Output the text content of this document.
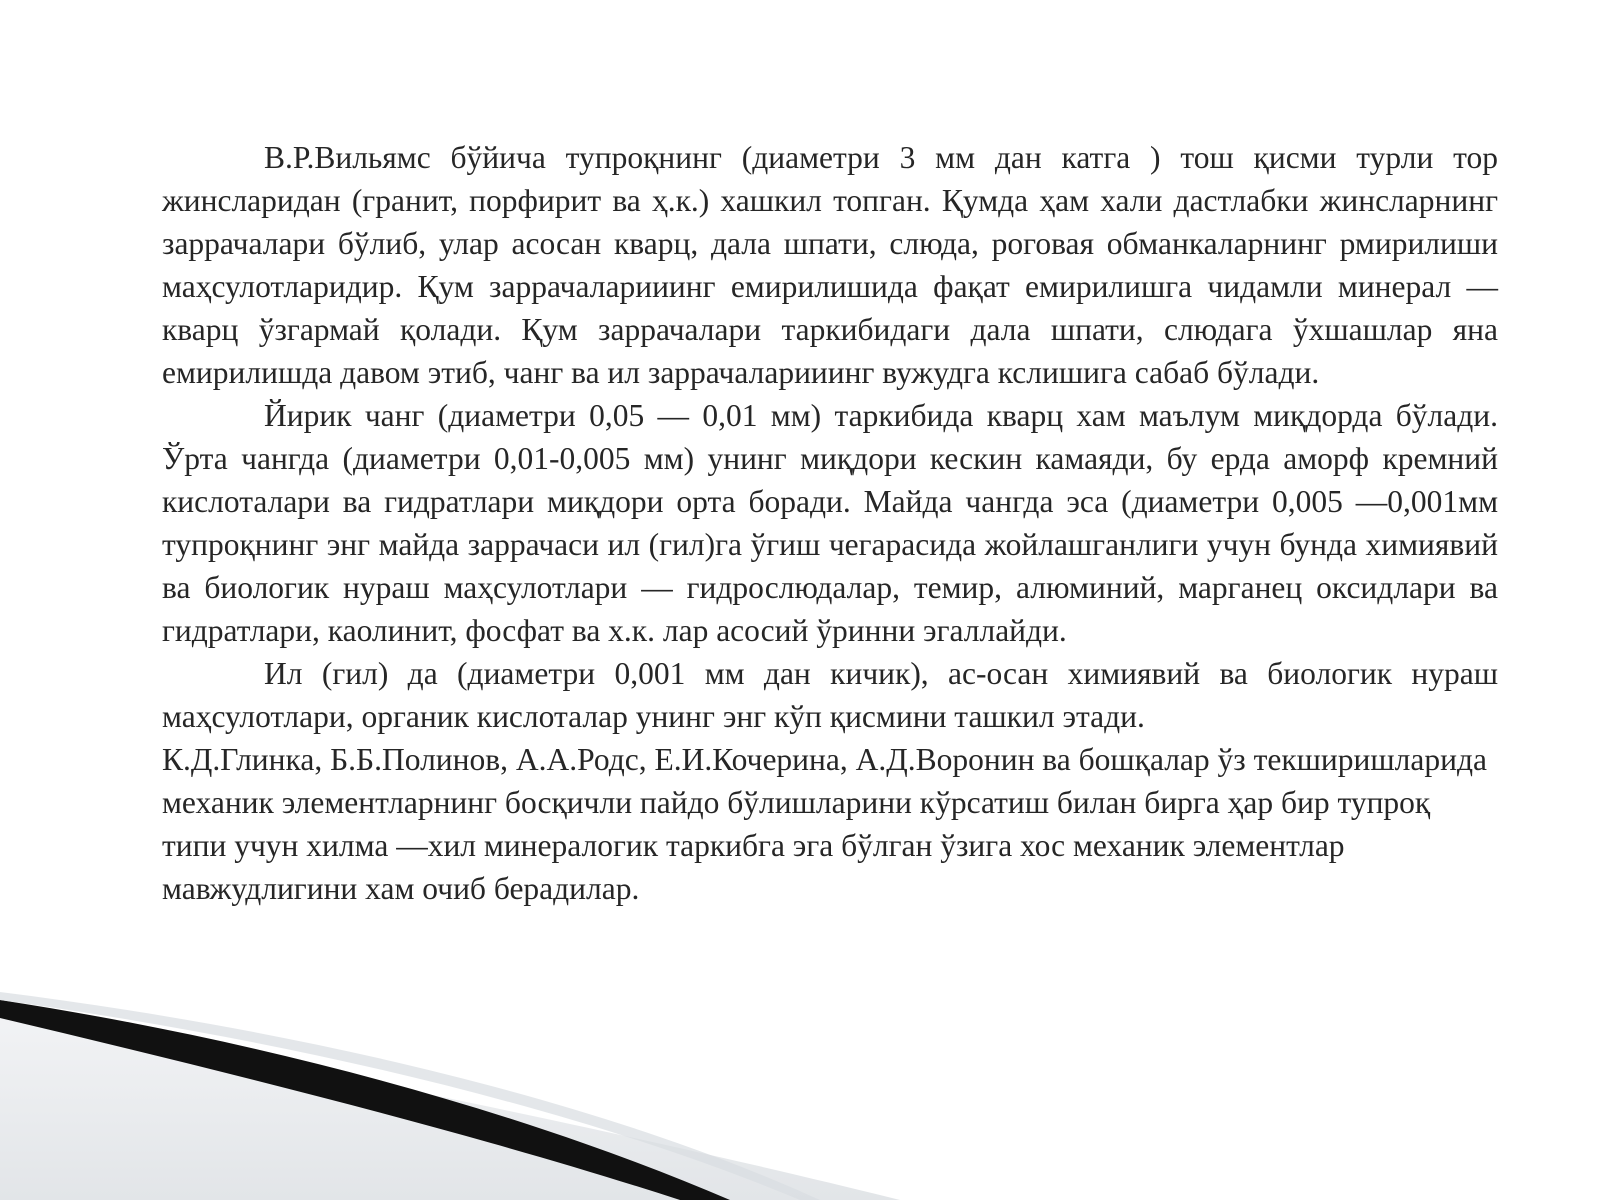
В.Р.Вильямс бўйича тупроқнинг (диаметри 3 мм дан катга ) тош қисми турли тор жинсларидан (гранит, порфирит ва ҳ.к.) хашкил топган. Қумда ҳам хали дастлабки жинсларнинг заррачалари бўлиб, улар асосан кварц, дала шпати, слюда, роговая обманкаларнинг рмирилиши маҳсулотларидир. Қум заррачаларииинг емирилишида фақат емирилишга чидамли минерал —кварц ўзгармай қолади. Қум заррачалари таркибидаги дала шпати, слюдага ўхшашлар яна емирилишда давом этиб, чанг ва ил заррачаларииинг вужудга кслишига сабаб бўлади.

Йирик чанг (диаметри 0,05 — 0,01 мм) таркибида кварц хам маълум миқдорда бўлади. Ўрта чангда (диаметри 0,01-0,005 мм) унинг миқдори кескин камаяди, бу ерда аморф кремний кислоталари ва гидратлари миқдори орта боради. Майда чангда эса (диаметри 0,005 —0,001мм тупроқнинг энг майда заррачаси ил (гил)га ўгиш чегарасида жойлашганлиги учун бунда химиявий ва биологик нураш маҳсулотлари — гидрослюдалар, темир, алюминий, марганец оксидлари ва гидратлари, каолинит, фосфат ва х.к. лар асосий ўринни эгаллайди.

Ил (гил) да (диаметри 0,001 мм дан кичик), ас-осан химиявий ва биологик нураш маҳсулотлари, органик кислоталар унинг энг кўп қисмини ташкил этади.

К.Д.Глинка, Б.Б.Полинов, А.А.Родс, Е.И.Кочерина, А.Д.Воронин ва бошқалар ўз текширишларида механик элементларнинг босқичли пайдо бўлишларини кўрсатиш билан бирга ҳар бир тупроқ типи учун хилма —хил минералогик таркибга эга бўлган ўзига хос механик элементлар мавжудлигини хам очиб берадилар.
